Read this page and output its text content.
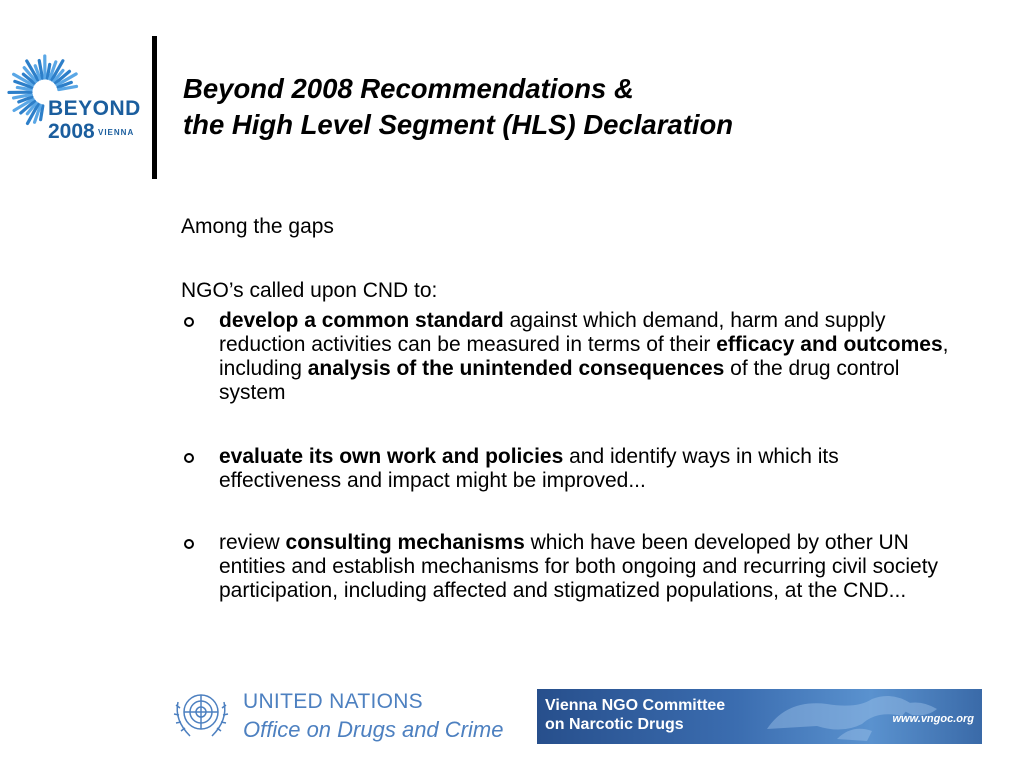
BEYOND
2008 VIENNA
Beyond 2008 Recommendations &
the High Level Segment (HLS) Declaration

Among the gaps

NGO’s called upon CND to:

develop a common standard against which demand, harm and supply reduction activities can be measured in terms of their efficacy and outcomes, including analysis of the unintended consequences of the drug control system
evaluate its own work and policies and identify ways in which its effectiveness and impact might be improved...
review consulting mechanisms which have been developed by other UN entities and establish mechanisms for both ongoing and recurring civil society participation, including affected and stigmatized populations, at the CND...
UNITED NATIONS
Office on Drugs and Crime
Vienna NGO Committee
on Narcotic Drugs	www.vngoc.org
